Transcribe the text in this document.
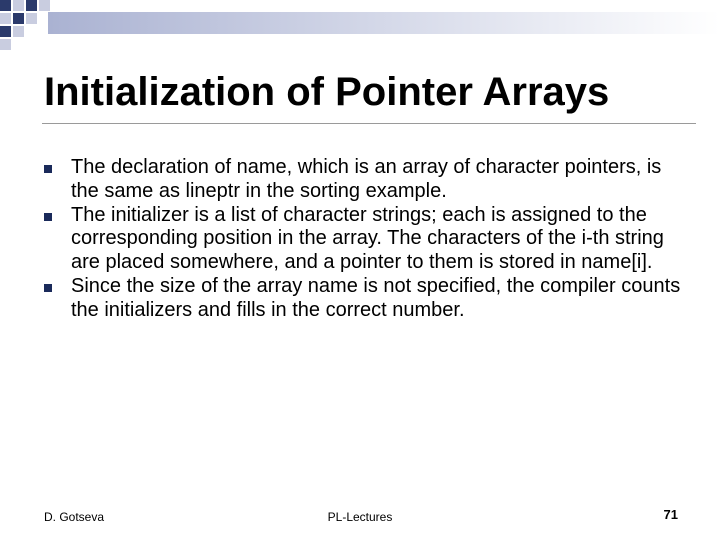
Initialization of Pointer Arrays
The declaration of name, which is an array of character pointers, is the same as lineptr in the sorting example.
The initializer is a list of character strings; each is assigned to the corresponding position in the array. The characters of the i-th string are placed somewhere, and a pointer to them is stored in name[i].
Since the size of the array name is not specified, the compiler counts the initializers and fills in the correct number.
D. Gotseva	PL-Lectures	71
